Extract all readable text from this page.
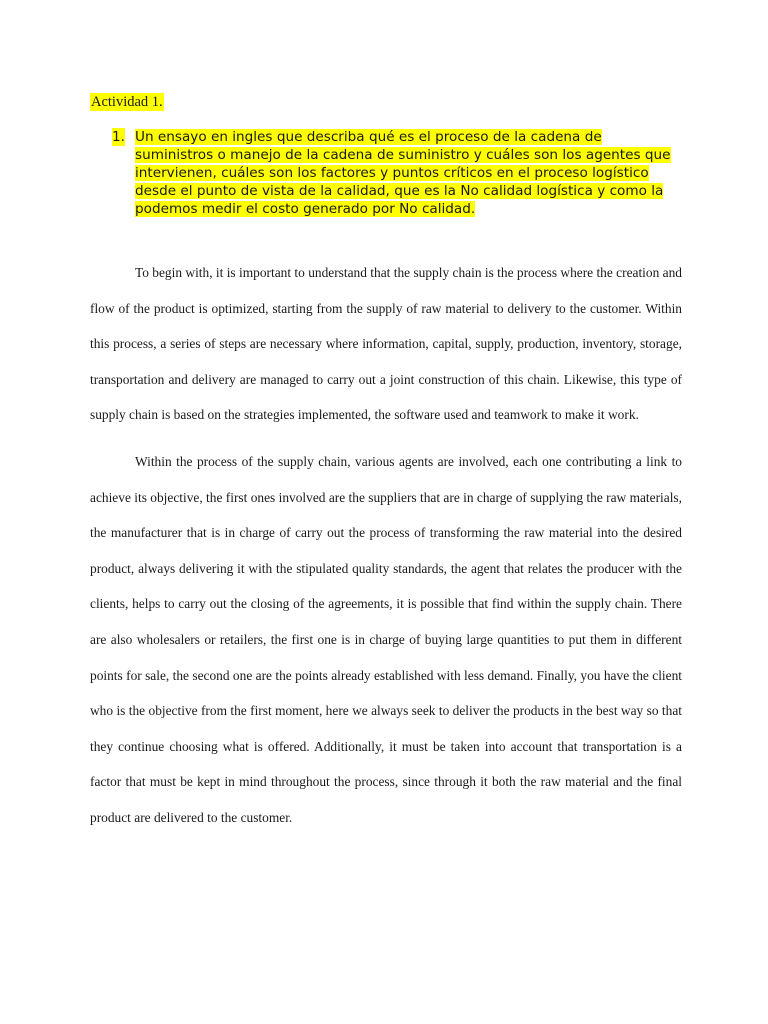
Actividad 1.
1. Un ensayo en ingles que describa qué es el proceso de la cadena de suministros o manejo de la cadena de suministro y cuáles son los agentes que intervienen, cuáles son los factores y puntos críticos en el proceso logístico desde el punto de vista de la calidad, que es la No calidad logística y como la podemos medir el costo generado por No calidad.

To begin with, it is important to understand that the supply chain is the process where the creation and flow of the product is optimized, starting from the supply of raw material to delivery to the customer. Within this process, a series of steps are necessary where information, capital, supply, production, inventory, storage, transportation and delivery are managed to carry out a joint construction of this chain. Likewise, this type of supply chain is based on the strategies implemented, the software used and teamwork to make it work.

Within the process of the supply chain, various agents are involved, each one contributing a link to achieve its objective, the first ones involved are the suppliers that are in charge of supplying the raw materials, the manufacturer that is in charge of carry out the process of transforming the raw material into the desired product, always delivering it with the stipulated quality standards, the agent that relates the producer with the clients, helps to carry out the closing of the agreements, it is possible that find within the supply chain. There are also wholesalers or retailers, the first one is in charge of buying large quantities to put them in different points for sale, the second one are the points already established with less demand. Finally, you have the client who is the objective from the first moment, here we always seek to deliver the products in the best way so that they continue choosing what is offered. Additionally, it must be taken into account that transportation is a factor that must be kept in mind throughout the process, since through it both the raw material and the final product are delivered to the customer.
